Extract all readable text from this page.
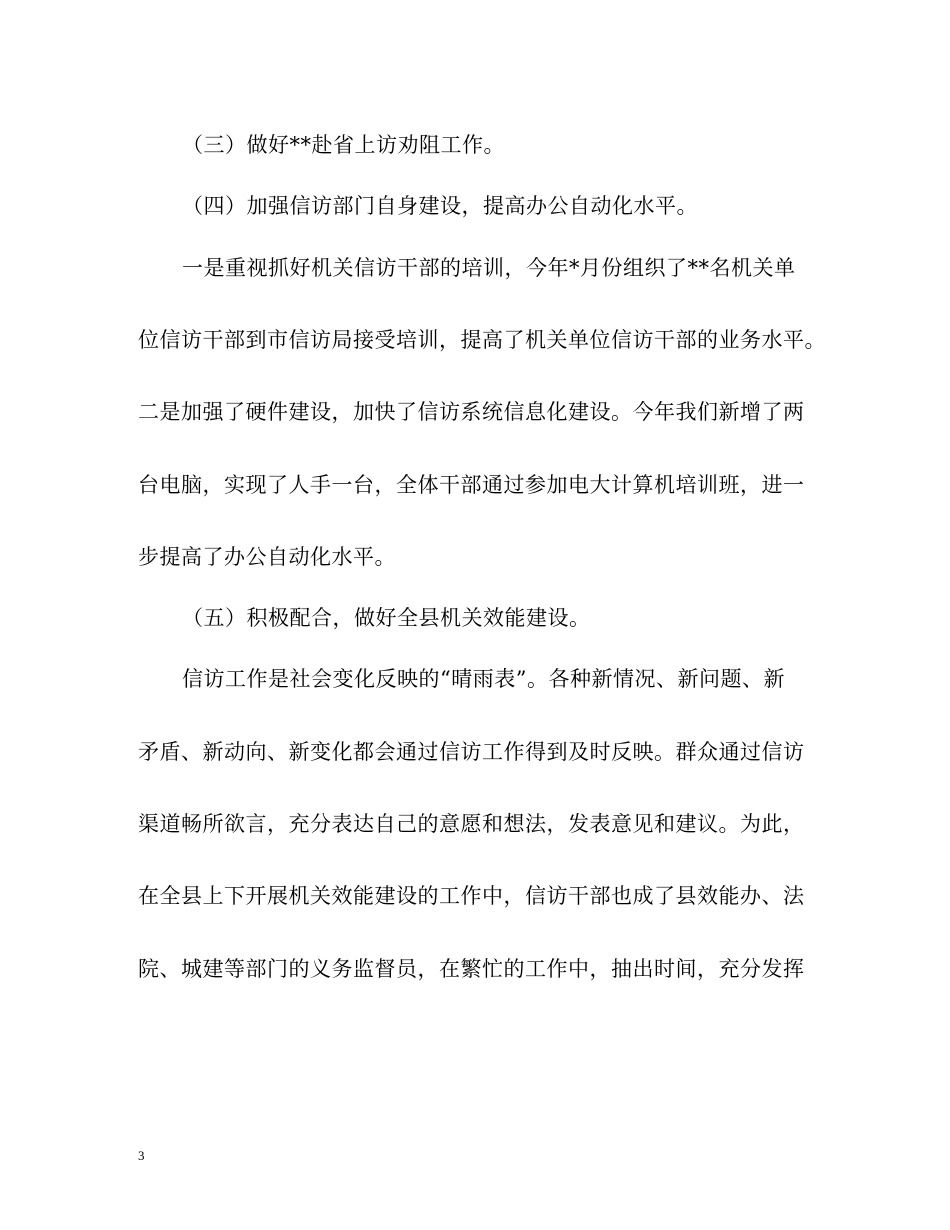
（三）做好**赴省上访劝阻工作。
（四）加强信访部门自身建设，提高办公自动化水平。
一是重视抓好机关信访干部的培训，今年*月份组织了**名机关单
位信访干部到市信访局接受培训，提高了机关单位信访干部的业务水平。
二是加强了硬件建设，加快了信访系统信息化建设。今年我们新增了两
台电脑，实现了人手一台，全体干部通过参加电大计算机培训班，进一
步提高了办公自动化水平。
（五）积极配合，做好全县机关效能建设。
信访工作是社会变化反映的“晴雨表”。各种新情况、新问题、新
矛盾、新动向、新变化都会通过信访工作得到及时反映。群众通过信访
渠道畅所欲言，充分表达自己的意愿和想法，发表意见和建议。为此，
在全县上下开展机关效能建设的工作中，信访干部也成了县效能办、法
院、城建等部门的义务监督员，在繁忙的工作中，抽出时间，充分发挥
3
